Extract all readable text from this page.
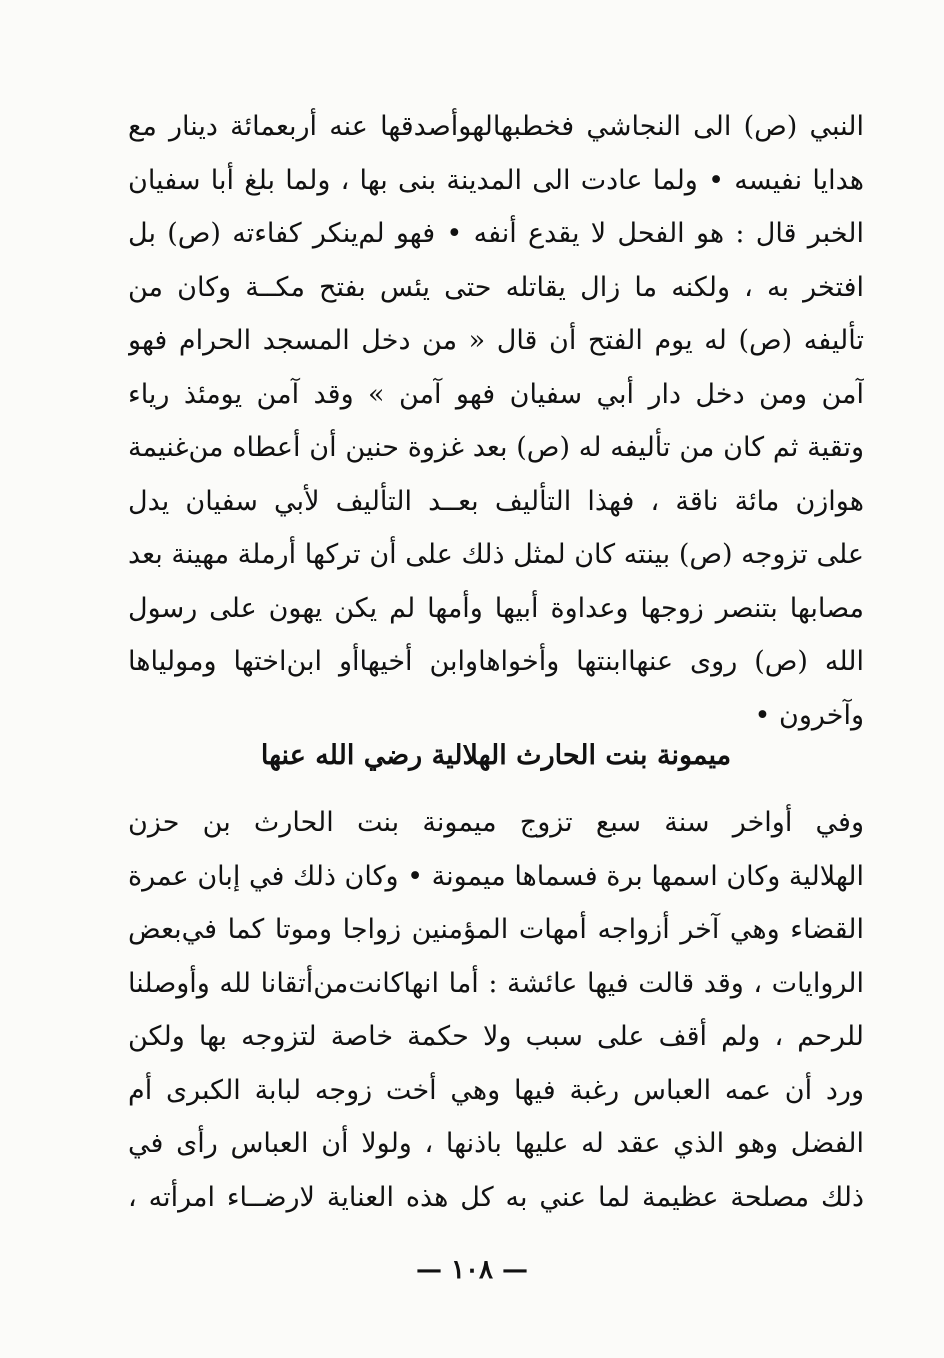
النبي (ص) الى النجاشي فخطبهالهوأصدقها عنه أربعمائة دينار مع
هدايا نفيسه • ولما عادت الى المدينة بنى بها ، ولما بلغ أبا سفيان
الخبر قال : هو الفحل لا يقدع أنفه • فهو لم‌ينكر كفاءته (ص) بل
افتخر به ، ولكنه ما زال يقاتله حتى يئس بفتح مكــة وكان من
تأليفه (ص) له يوم الفتح أن قال « من دخل المسجد الحرام فهو
آمن ومن دخل دار أبي سفيان فهو آمن » وقد آمن يومئذ رياء
وتقية ثم كان من تأليفه له (ص) بعد غزوة حنين أن أعطاه من‌غنيمة
هوازن مائة ناقة ، فهذا التأليف بعــد التأليف لأبي سفيان يدل
على تزوجه (ص) بينته كان لمثل ذلك على أن تركها أرملة مهينة بعد
مصابها بتنصر زوجها وعداوة أبيها وأمها لم يكن يهون على رسول
الله (ص) روى عنهاابنتها وأخواهاوابن أخيهاأو ابن‌اختها ومولياها
وآخرون •
ميمونة بنت الحارث الهلالية رضي الله عنها
وفي أواخر سنة سبع تزوج ميمونة بنت الحارث بن حزن
الهلالية وكان اسمها برة فسماها ميمونة • وكان ذلك في إبان عمرة
القضاء وهي آخر أزواجه أمهات المؤمنين زواجا وموتا كما في‌بعض
الروايات ، وقد قالت فيها عائشة : أما انهاكانت‌من‌أتقانا لله وأوصلنا
للرحم ، ولم أقف على سبب ولا حكمة خاصة لتزوجه بها ولكن
ورد أن عمه العباس رغبة فيها وهي أخت زوجه لبابة الكبرى أم
الفضل وهو الذي عقد له عليها باذنها ، ولولا أن العباس رأى في
ذلك مصلحة عظيمة لما عني به كل هذه العناية لارضــاء امرأته ،
— ١٠٨ —
